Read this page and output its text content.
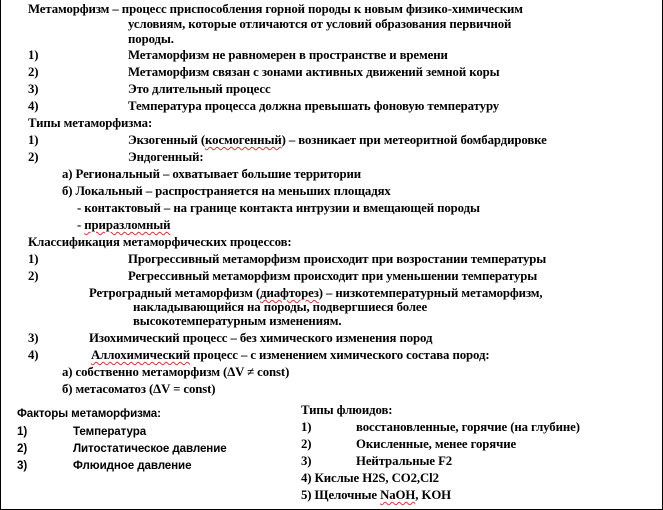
Метаморфизм – процесс приспособления горной породы к новым физико-химическим
условиям, которые отличаются от условий образования первичной
породы.
1)	Метаморфизм не равномерен в пространстве и времени
2)	Метаморфизм связан с зонами активных движений земной коры
3)	Это длительный процесс
4)	Температура процесса должна превышать фоновую температуру
Типы метаморфизма:
1)	Экзогенный (космогенный) – возникает при метеоритной бомбардировке
2)	Эндогенный:
а) Региональный – охватывает большие территории
б) Локальный – распространяется на меньших площадях
- контактовый – на границе контакта интрузии и вмещающей породы
- приразломный
Классификация метаморфических процессов:
1)	Прогрессивный метаморфизм происходит при возростании температуры
2)	Регрессивный метаморфизм происходит при уменьшении температуры
Ретроградный метаморфизм (диафторез) – низкотемпературный метаморфизм,
накладывающийся на породы, подвергшиеся более
высокотемпературным изменениям.
3)	Изохимический процесс – без химического изменения пород
4)	Аллохимический процесс – с изменением химического состава пород:
а) собственно метаморфизм (ΔV ≠ const)
б) метасоматоз (ΔV = const)
Факторы метаморфизма:
1)	Температура
2)	Литостатическое давление
3)	Флюидное давление
Типы флюидов:
1)	восстановленные, горячие (на глубине)
2)	Окисленные, менее горячие
3)	Нейтральные F2
4) Кислые H2S, CO2,Cl2
5) Щелочные NaOH, KOH
